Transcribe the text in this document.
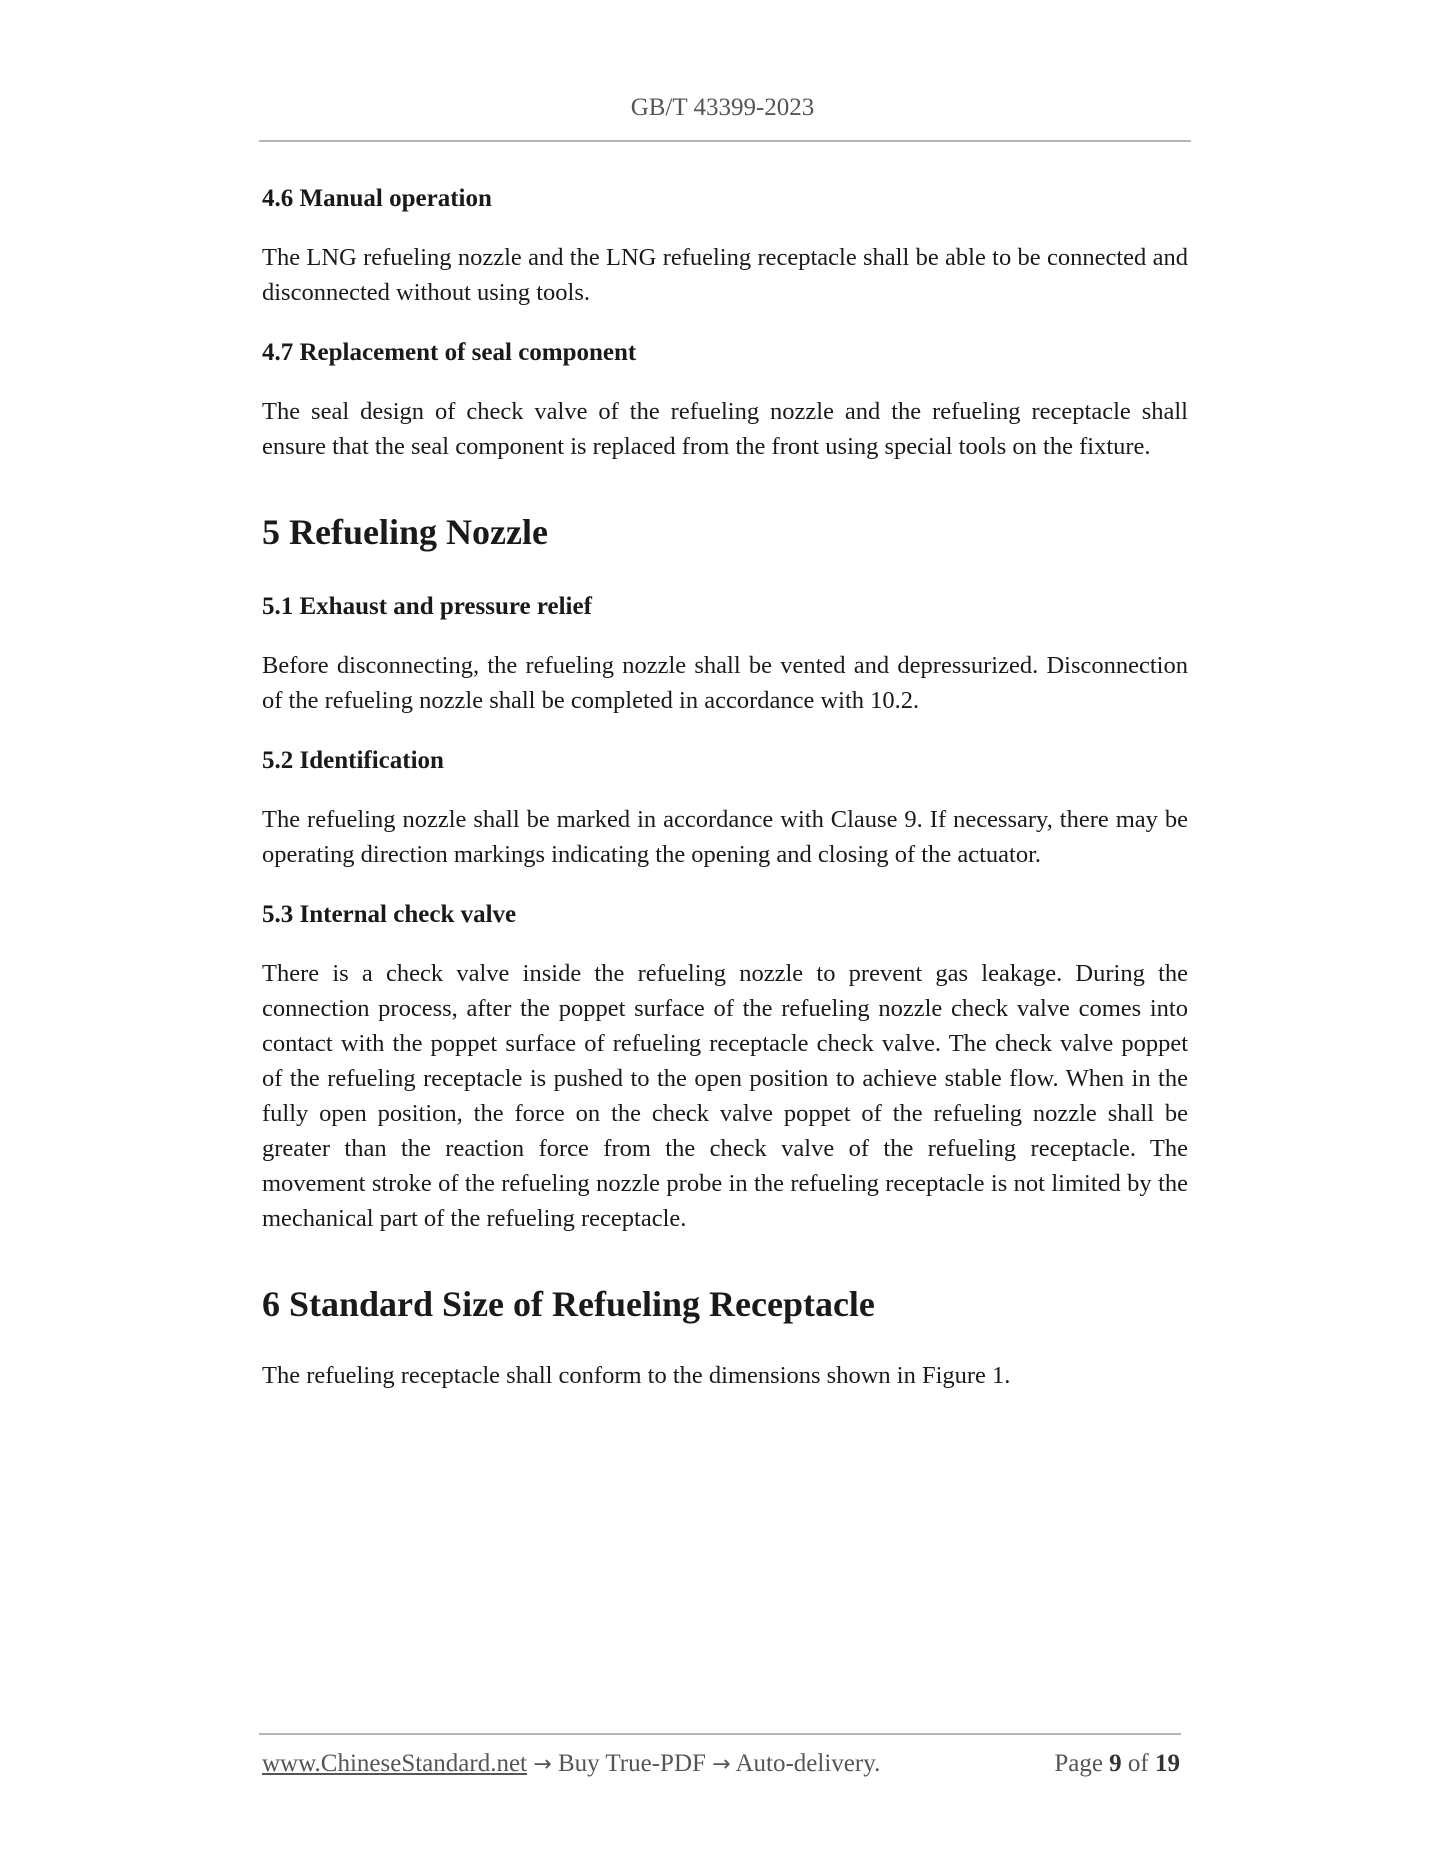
GB/T 43399-2023
4.6 Manual operation

The LNG refueling nozzle and the LNG refueling receptacle shall be able to be connected and disconnected without using tools.

4.7 Replacement of seal component

The seal design of check valve of the refueling nozzle and the refueling receptacle shall ensure that the seal component is replaced from the front using special tools on the fixture.

5 Refueling Nozzle
5.1 Exhaust and pressure relief

Before disconnecting, the refueling nozzle shall be vented and depressurized. Disconnection of the refueling nozzle shall be completed in accordance with 10.2.

5.2 Identification

The refueling nozzle shall be marked in accordance with Clause 9. If necessary, there may be operating direction markings indicating the opening and closing of the actuator.

5.3 Internal check valve

There is a check valve inside the refueling nozzle to prevent gas leakage. During the connection process, after the poppet surface of the refueling nozzle check valve comes into contact with the poppet surface of refueling receptacle check valve. The check valve poppet of the refueling receptacle is pushed to the open position to achieve stable flow. When in the fully open position, the force on the check valve poppet of the refueling nozzle shall be greater than the reaction force from the check valve of the refueling receptacle. The movement stroke of the refueling nozzle probe in the refueling receptacle is not limited by the mechanical part of the refueling receptacle.

6 Standard Size of Refueling Receptacle

The refueling receptacle shall conform to the dimensions shown in Figure 1.

www.ChineseStandard.net → Buy True-PDF → Auto-delivery.	Page 9 of 19
